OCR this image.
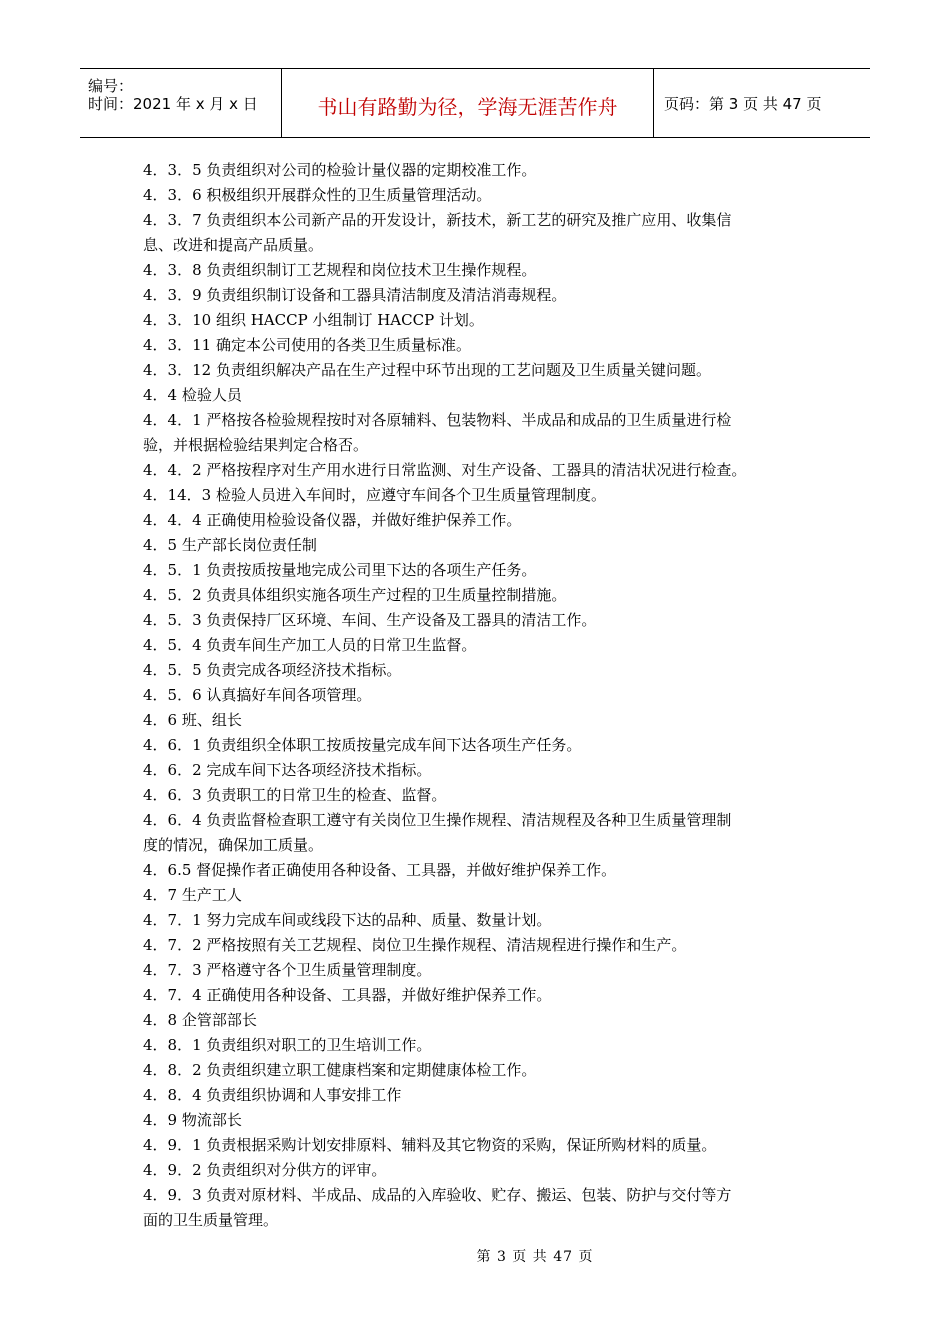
编号：
时间：2021 年 x 月 x 日	书山有路勤为径，学海无涯苦作舟	页码：第 3 页 共 47 页
4．3．5 负责组织对公司的检验计量仪器的定期校准工作。
4．3．6 积极组织开展群众性的卫生质量管理活动。
4．3．7 负责组织本公司新产品的开发设计，新技术，新工艺的研究及推广应用、收集信
息、改进和提高产品质量。
4．3．8 负责组织制订工艺规程和岗位技术卫生操作规程。
4．3．9 负责组织制订设备和工器具清洁制度及清洁消毒规程。
4．3．10 组织 HACCP 小组制订 HACCP 计划。
4．3．11 确定本公司使用的各类卫生质量标准。
4．3．12 负责组织解决产品在生产过程中环节出现的工艺问题及卫生质量关键问题。
4．4 检验人员
4．4．1 严格按各检验规程按时对各原辅料、包装物料、半成品和成品的卫生质量进行检
验，并根据检验结果判定合格否。
4．4．2 严格按程序对生产用水进行日常监测、对生产设备、工器具的清洁状况进行检查。
4．14．3 检验人员进入车间时，应遵守车间各个卫生质量管理制度。
4．4．4 正确使用检验设备仪器，并做好维护保养工作。
4．5 生产部长岗位责任制
4．5．1 负责按质按量地完成公司里下达的各项生产任务。
4．5．2 负责具体组织实施各项生产过程的卫生质量控制措施。
4．5．3 负责保持厂区环境、车间、生产设备及工器具的清洁工作。
4．5．4 负责车间生产加工人员的日常卫生监督。
4．5．5 负责完成各项经济技术指标。
4．5．6 认真搞好车间各项管理。
4．6 班、组长
4．6．1 负责组织全体职工按质按量完成车间下达各项生产任务。
4．6．2 完成车间下达各项经济技术指标。
4．6．3 负责职工的日常卫生的检查、监督。
4．6．4 负责监督检查职工遵守有关岗位卫生操作规程、清洁规程及各种卫生质量管理制
度的情况，确保加工质量。
4．6.5 督促操作者正确使用各种设备、工具器，并做好维护保养工作。
4．7 生产工人
4．7．1 努力完成车间或线段下达的品种、质量、数量计划。
4．7．2 严格按照有关工艺规程、岗位卫生操作规程、清洁规程进行操作和生产。
4．7．3 严格遵守各个卫生质量管理制度。
4．7．4 正确使用各种设备、工具器，并做好维护保养工作。
4．8 企管部部长
4．8．1 负责组织对职工的卫生培训工作。
4．8．2 负责组织建立职工健康档案和定期健康体检工作。
4．8．4 负责组织协调和人事安排工作
4．9 物流部长
4．9．1 负责根据采购计划安排原料、辅料及其它物资的采购，保证所购材料的质量。
4．9．2 负责组织对分供方的评审。
4．9．3 负责对原材料、半成品、成品的入库验收、贮存、搬运、包装、防护与交付等方
面的卫生质量管理。
第 3 页 共 47 页
